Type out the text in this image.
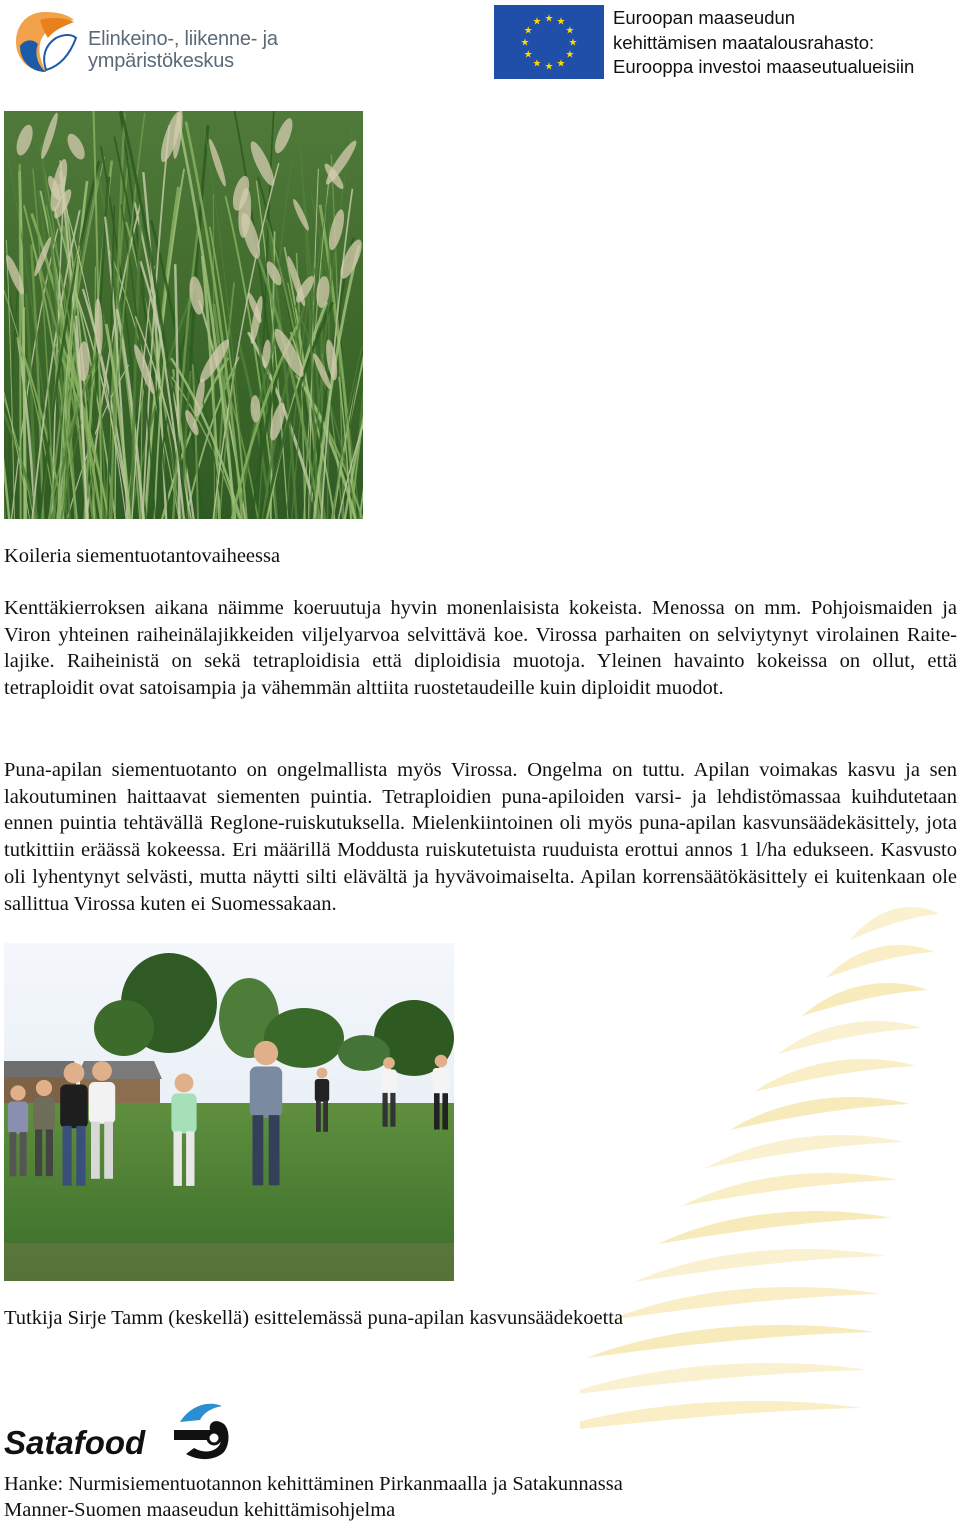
Elinkeino-, liikenne- ja
ympäristökeskus
★ ★
★
★
★
★
★
★
★
★
★
★	Euroopan maaseudun
kehittämisen maatalousrahasto:
Eurooppa investoi maaseutualueisiin
Koileria siementuotantovaiheessa
Kenttäkierroksen aikana näimme koeruutuja hyvin monenlaisista kokeista. Menossa on mm. Pohjoismaiden ja Viron yhteinen raiheinälajikkeiden viljelyarvoa selvittävä koe. Virossa parhaiten on selviytynyt virolainen Raite- lajike. Raiheinistä on sekä tetraploidisia että diploidisia muotoja. Yleinen havainto kokeissa on ollut, että tetraploidit ovat satoisampia ja vähemmän alttiita ruostetaudeille kuin diploidit muodot.
Puna-apilan siementuotanto on ongelmallista myös Virossa. Ongelma on tuttu. Apilan voimakas kasvu ja sen lakoutuminen haittaavat siementen puintia. Tetraploidien puna-apiloiden varsi- ja lehdistömassaa kuihdutetaan ennen puintia tehtävällä Reglone-ruiskutuksella. Mielenkiintoinen oli myös puna-apilan kasvunsäädekäsittely, jota tutkittiin eräässä kokeessa. Eri määrillä Moddusta ruiskutetuista ruuduista erottui annos 1 l/ha edukseen. Kasvusto oli lyhentynyt selvästi, mutta näytti silti elävältä ja hyvävoimaiselta. Apilan korrensäätökäsittely ei kuitenkaan ole sallittua Virossa kuten ei Suomessakaan.
Tutkija Sirje Tamm (keskellä) esittelemässä puna-apilan kasvunsäädekoetta
Satafood
Hanke: Nurmisiementuotannon kehittäminen Pirkanmaalla ja Satakunnassa
Manner-Suomen maaseudun kehittämisohjelma
